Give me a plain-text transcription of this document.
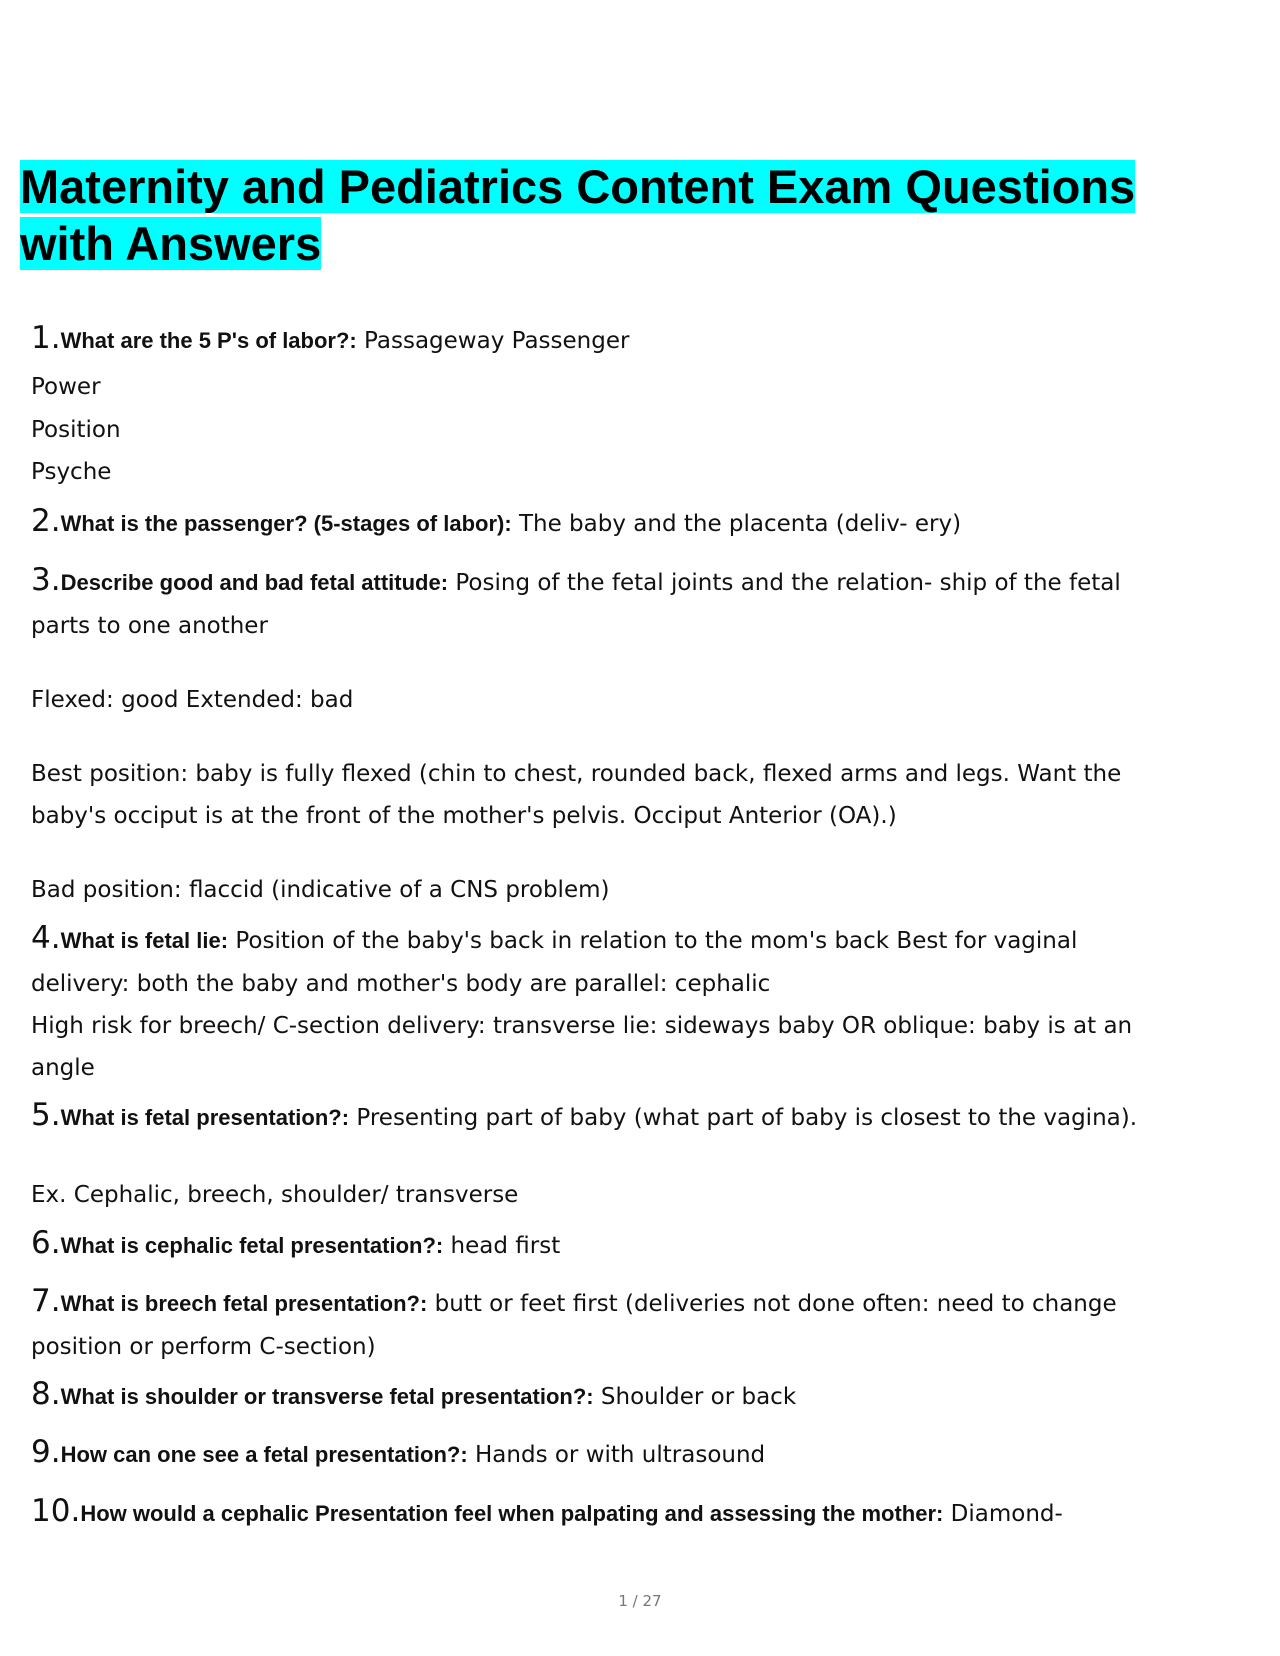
Maternity and Pediatrics Content Exam Questions
with Answers

1.What are the 5 P's of labor?: Passageway Passenger

Power

Position

Psyche

2.What is the passenger? (5-stages of labor): The baby and the placenta (deliv- ery)

3.Describe good and bad fetal attitude: Posing of the fetal joints and the relation- ship of the fetal

parts to one another

Flexed: good Extended: bad

Best position: baby is fully flexed (chin to chest, rounded back, flexed arms and legs. Want the

baby's occiput is at the front of the mother's pelvis. Occiput Anterior (OA).)

Bad position: flaccid (indicative of a CNS problem)

4.What is fetal lie: Position of the baby's back in relation to the mom's back Best for vaginal

delivery: both the baby and mother's body are parallel: cephalic

High risk for breech/ C-section delivery: transverse lie: sideways baby OR oblique: baby is at an

angle

5.What is fetal presentation?: Presenting part of baby (what part of baby is closest to the vagina).

Ex. Cephalic, breech, shoulder/ transverse

6.What is cephalic fetal presentation?: head first

7.What is breech fetal presentation?: butt or feet first (deliveries not done often: need to change

position or perform C-section)

8.What is shoulder or transverse fetal presentation?: Shoulder or back

9.How can one see a fetal presentation?: Hands or with ultrasound

10.How would a cephalic Presentation feel when palpating and assessing the mother: Diamond-

1 / 27
